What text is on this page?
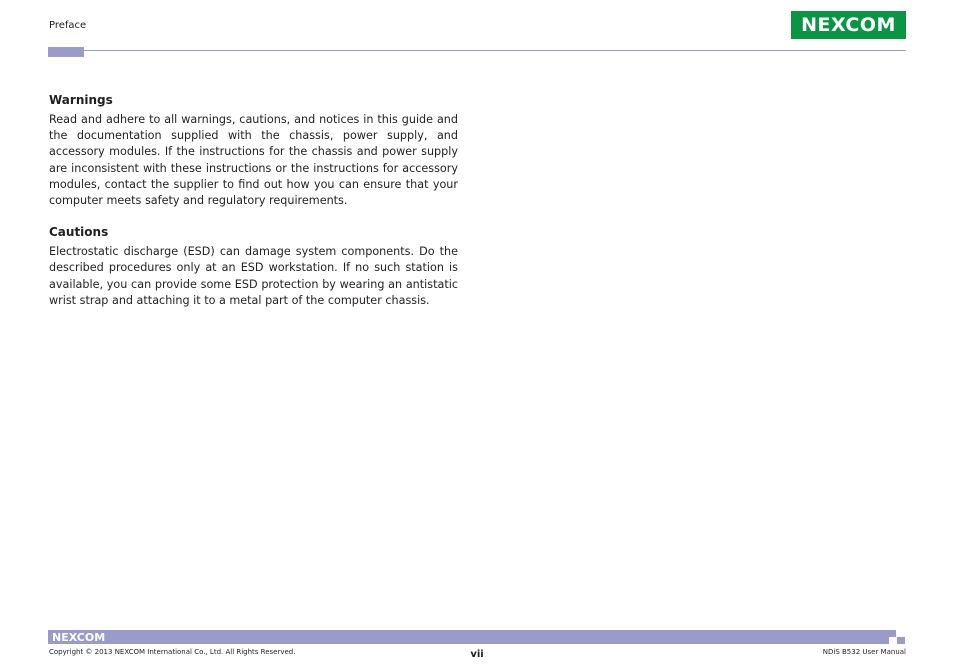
Preface	NEXCOM
Warnings

Read and adhere to all warnings, cautions, and notices in this guide and the documentation supplied with the chassis, power supply, and accessory modules. If the instructions for the chassis and power supply are inconsistent with these instructions or the instructions for accessory modules, contact the supplier to find out how you can ensure that your computer meets safety and regulatory requirements.

Cautions

Electrostatic discharge (ESD) can damage system components. Do the described procedures only at an ESD workstation. If no such station is available, you can provide some ESD protection by wearing an antistatic wrist strap and attaching it to a metal part of the computer chassis.

NEXCOM
Copyright © 2013 NEXCOM International Co., Ltd. All Rights Reserved.	vii	NDiS B532 User Manual
